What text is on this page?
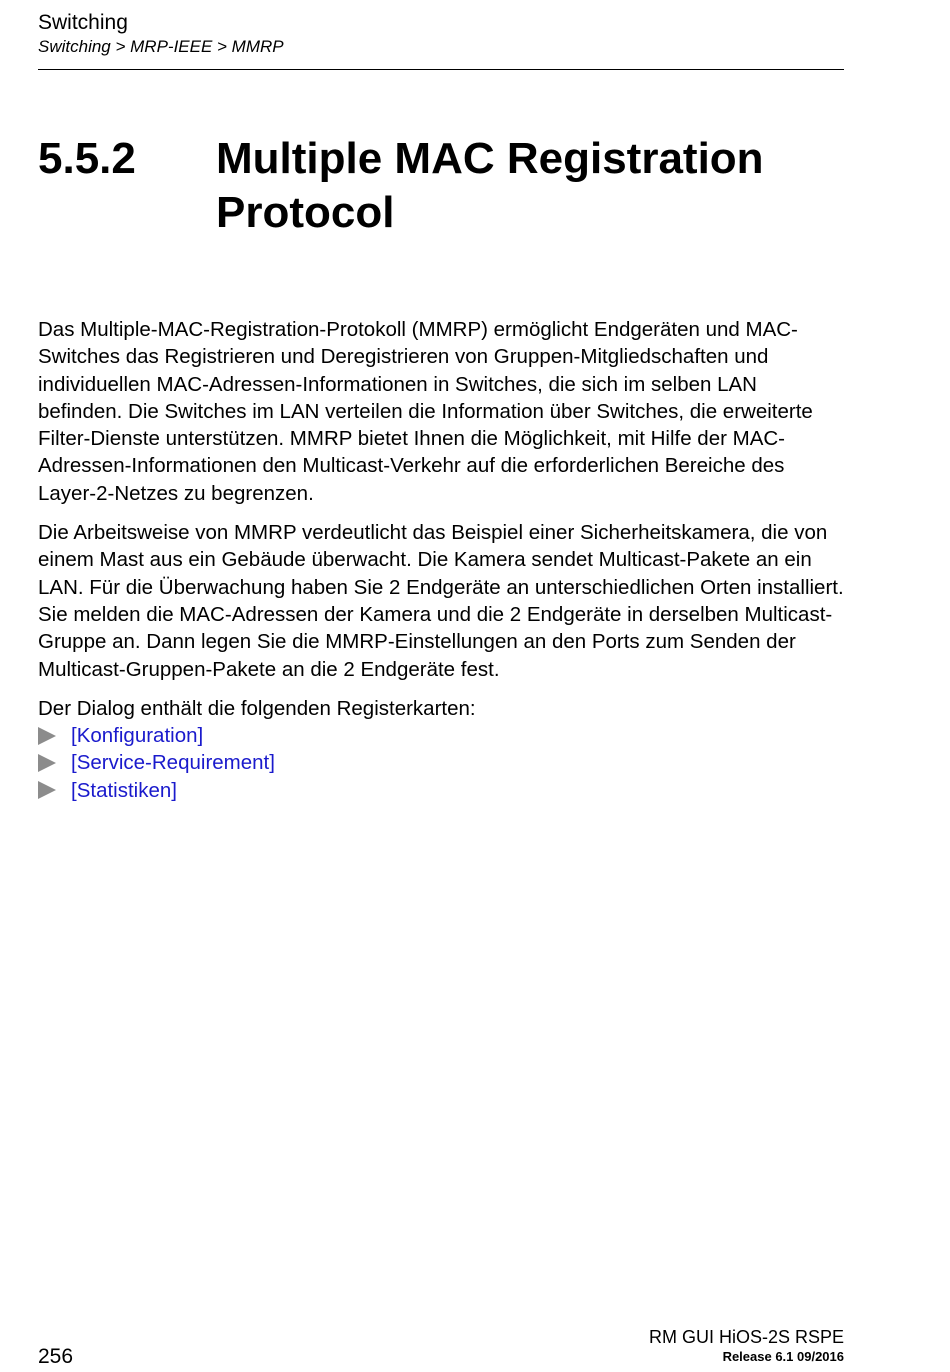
Switching
Switching > MRP-IEEE > MMRP
5.5.2 Multiple MAC Registration Protocol

Das Multiple-MAC-Registration-Protokoll (MMRP) ermöglicht Endgeräten und MAC-Switches das Registrieren und Deregistrieren von Gruppen-Mitgliedschaften und individuellen MAC-Adressen-Informationen in Switches, die sich im selben LAN befinden. Die Switches im LAN verteilen die Information über Switches, die erweiterte Filter-Dienste unterstützen. MMRP bietet Ihnen die Möglichkeit, mit Hilfe der MAC-Adressen-Informationen den Multicast-Verkehr auf die erforderlichen Bereiche des Layer-2-Netzes zu begrenzen.

Die Arbeitsweise von MMRP verdeutlicht das Beispiel einer Sicherheitskamera, die von einem Mast aus ein Gebäude überwacht. Die Kamera sendet Multicast-Pakete an ein LAN. Für die Überwachung haben Sie 2 Endgeräte an unterschiedlichen Orten installiert. Sie melden die MAC-Adressen der Kamera und die 2 Endgeräte in derselben Multicast-Gruppe an. Dann legen Sie die MMRP-Einstellungen an den Ports zum Senden der Multicast-Gruppen-Pakete an die 2 Endgeräte fest.

Der Dialog enthält die folgenden Registerkarten:

[Konfiguration]
[Service-Requirement]
[Statistiken]
256
RM GUI HiOS-2S RSPE
Release 6.1 09/2016
